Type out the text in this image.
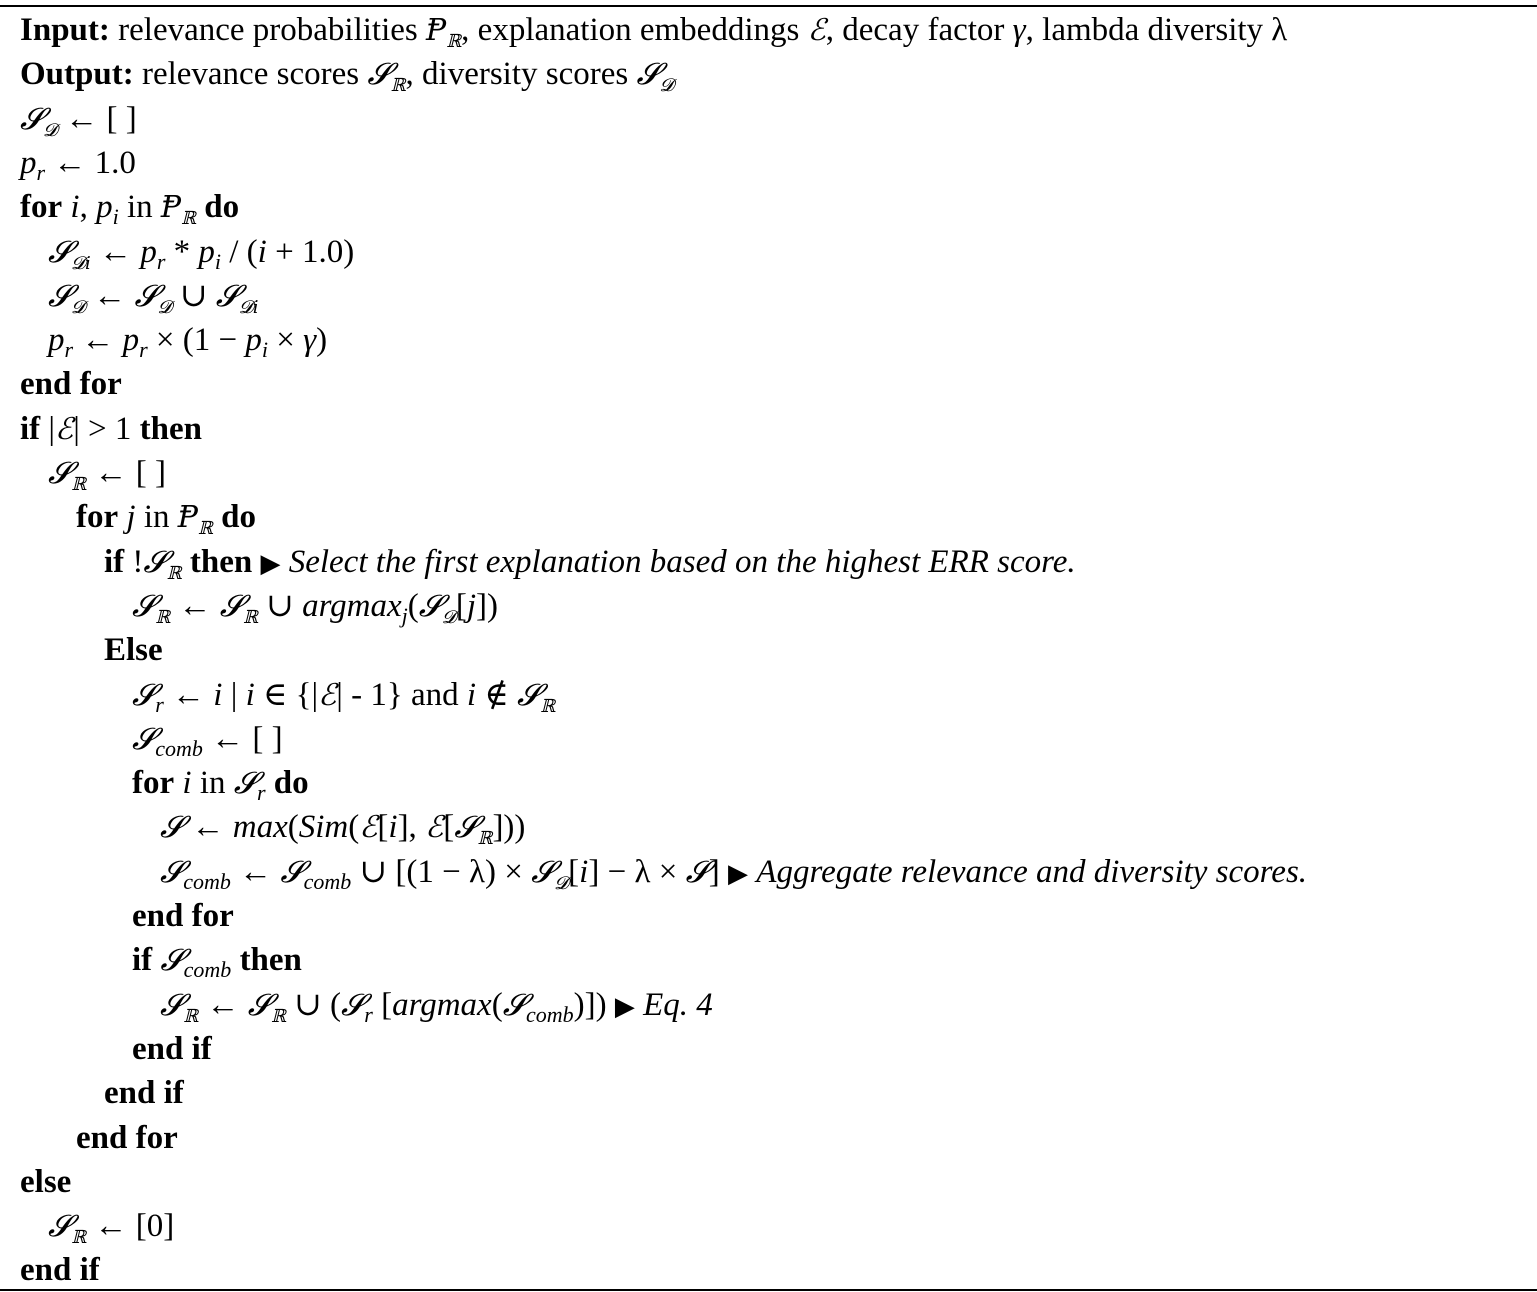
Input: relevance probabilities Ᵽ$_ℝ$, explanation embeddings ℰ, decay factor γ, lambda diversity λ
Output: relevance scores 𝓢$_ℝ$, diversity scores 𝓢$_𝓓$
𝓢$_𝓓$ ← [ ]
$p_r$ ← 1.0
for i, $p_i$ in Ᵽ$_ℝ$ do
𝓢$_{𝓓i}$ ← $p_r * p_i / (i + 1.0)$
𝓢$_𝓓$ ← 𝓢$_𝓓$ ∪ 𝓢$_{𝓓i}$
$p_r$ ← $p_r \times (1 - p_i \times \gamma)$
end for
if |ℰ| > 1 then
𝓢$_ℝ$ ← [ ]
for j in Ᵽ$_ℝ$ do
if !𝓢$_ℝ$ then ▶ Select the first explanation based on the highest ERR score.
𝓢$_ℝ$ ← 𝓢$_ℝ$ ∪ argmax$_j$(𝓢$_𝓓$[j])
Else
𝓢$_r$ ← i | i ∈ {|ℰ| - 1} and i ∉ 𝓢$_ℝ$
𝓢$_{comb}$ ← [ ]
for i in 𝓢$_r$ do
𝓢 ← max(Sim(ℰ[i], ℰ[𝓢$_ℝ$]))
𝓢$_{comb}$ ← 𝓢$_{comb}$ ∪ [(1 − λ) × 𝓢$_𝓓$[i] − λ × 𝓢] ▶ Aggregate relevance and diversity scores.
end for
if 𝓢$_{comb}$ then
𝓢$_ℝ$ ← 𝓢$_ℝ$ ∪ (𝓢$_r$ [argmax(𝓢$_{comb}$)]) ▶ Eq. 4
end if
end if
end for
else
𝓢$_ℝ$ ← [0]
end if
